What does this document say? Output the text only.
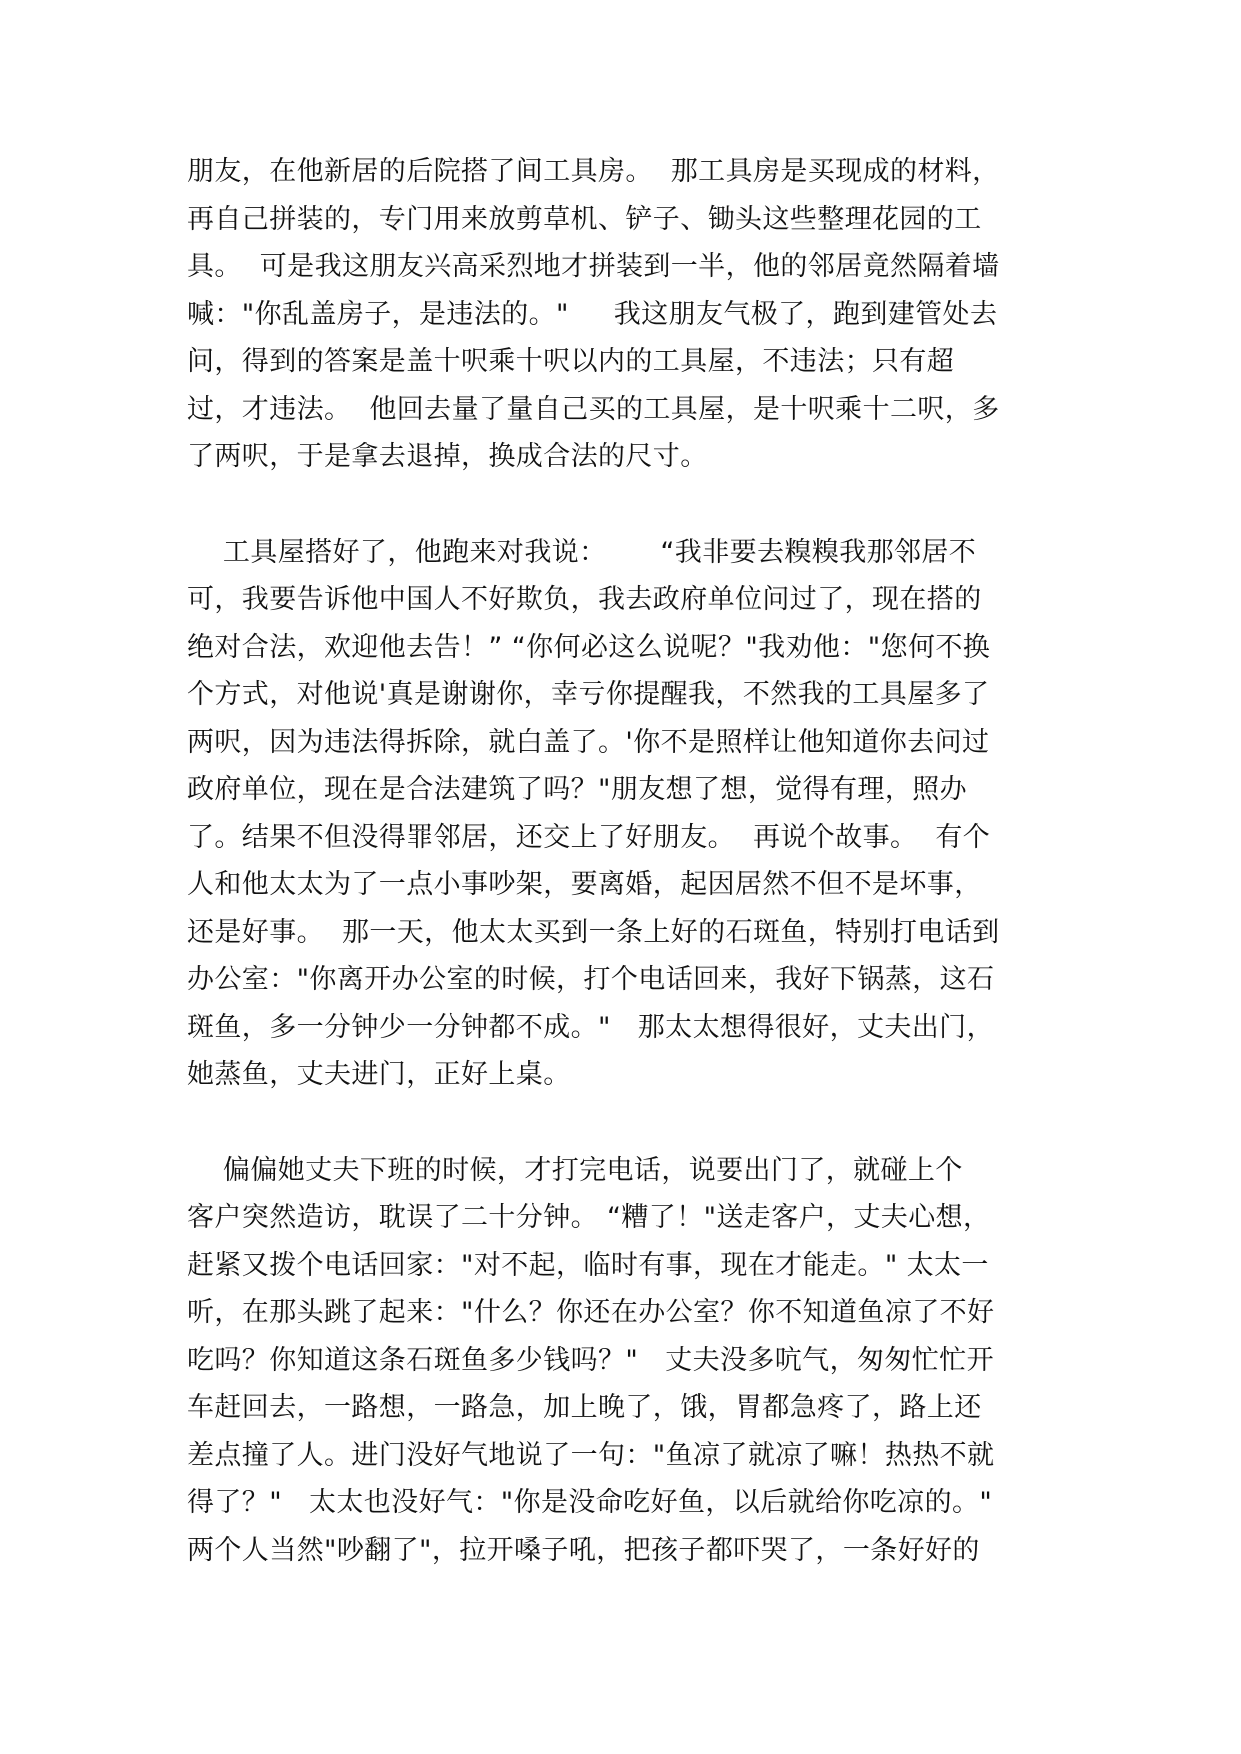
朋友，在他新居的后院搭了间工具房。  那工具房是买现成的材料，
再自己拼装的，专门用来放剪草机、铲子、锄头这些整理花园的工
具。  可是我这朋友兴高采烈地才拼装到一半，他的邻居竟然隔着墙
喊："你乱盖房子，是违法的。"     我这朋友气极了，跑到建管处去
问，得到的答案是盖十呎乘十呎以内的工具屋，不违法；只有超
过，才违法。  他回去量了量自己买的工具屋，是十呎乘十二呎，多
了两呎，于是拿去退掉，换成合法的尺寸。
工具屋搭好了，他跑来对我说：      “我非要去糗糗我那邻居不
可，我要告诉他中国人不好欺负，我去政府单位问过了，现在搭的
绝对合法，欢迎他去告！” “你何必这么说呢？"我劝他："您何不换
个方式，对他说'真是谢谢你，幸亏你提醒我，不然我的工具屋多了
两呎，因为违法得拆除，就白盖了。'你不是照样让他知道你去问过
政府单位，现在是合法建筑了吗？"朋友想了想，觉得有理，照办
了。结果不但没得罪邻居，还交上了好朋友。  再说个故事。  有个
人和他太太为了一点小事吵架，要离婚，起因居然不但不是坏事，
还是好事。  那一天，他太太买到一条上好的石斑鱼，特别打电话到
办公室："你离开办公室的时候，打个电话回来，我好下锅蒸，这石
斑鱼，多一分钟少一分钟都不成。"   那太太想得很好，丈夫出门，
她蒸鱼，丈夫进门，正好上桌。
偏偏她丈夫下班的时候，才打完电话，说要出门了，就碰上个
客户突然造访，耽误了二十分钟。 “糟了！"送走客户，丈夫心想，
赶紧又拨个电话回家："对不起，临时有事，现在才能走。" 太太一
听，在那头跳了起来："什么？你还在办公室？你不知道鱼凉了不好
吃吗？你知道这条石斑鱼多少钱吗？"   丈夫没多吭气，匆匆忙忙开
车赶回去，一路想，一路急，加上晚了，饿，胃都急疼了，路上还
差点撞了人。进门没好气地说了一句："鱼凉了就凉了嘛！热热不就
得了？"   太太也没好气："你是没命吃好鱼，以后就给你吃凉的。"
两个人当然"吵翻了"，拉开嗓子吼，把孩子都吓哭了，一条好好的
